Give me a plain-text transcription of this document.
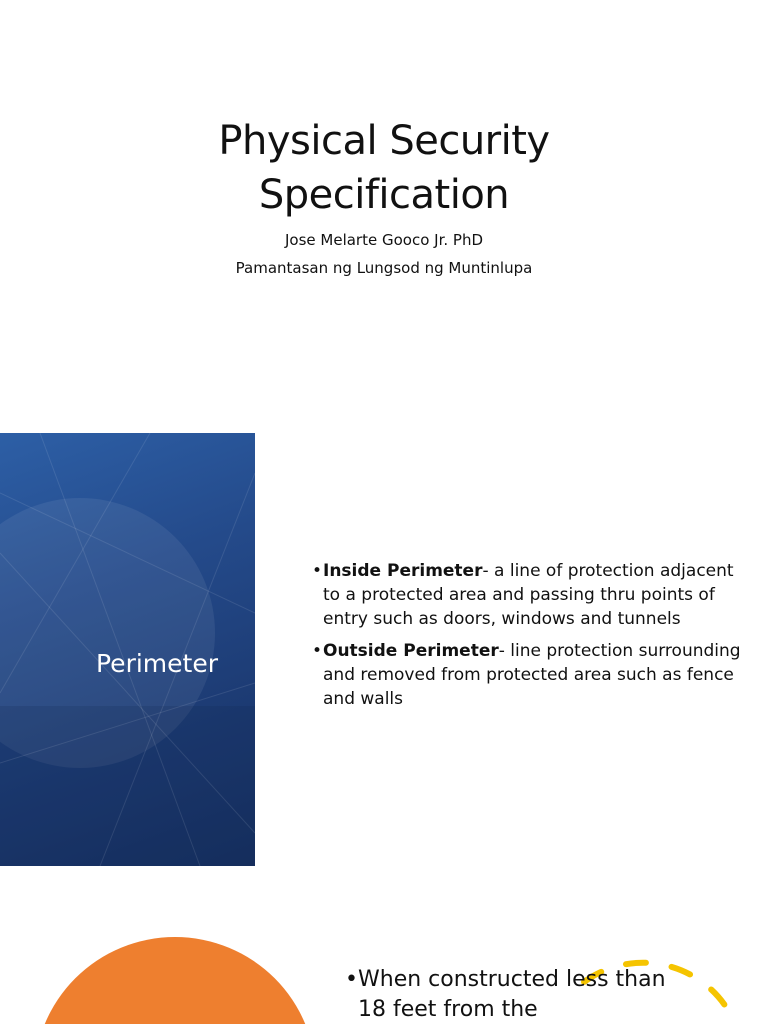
Physical Security
Specification
Jose Melarte Gooco Jr. PhD
Pamantasan ng Lungsod ng Muntinlupa
Perimeter
• Inside Perimeter- a line of protection adjacent to a protected area and passing thru points of entry such as doors, windows and tunnels
• Outside Perimeter- line protection surrounding and removed from protected area such as fence and walls
• When constructed less than 18 feet from the
